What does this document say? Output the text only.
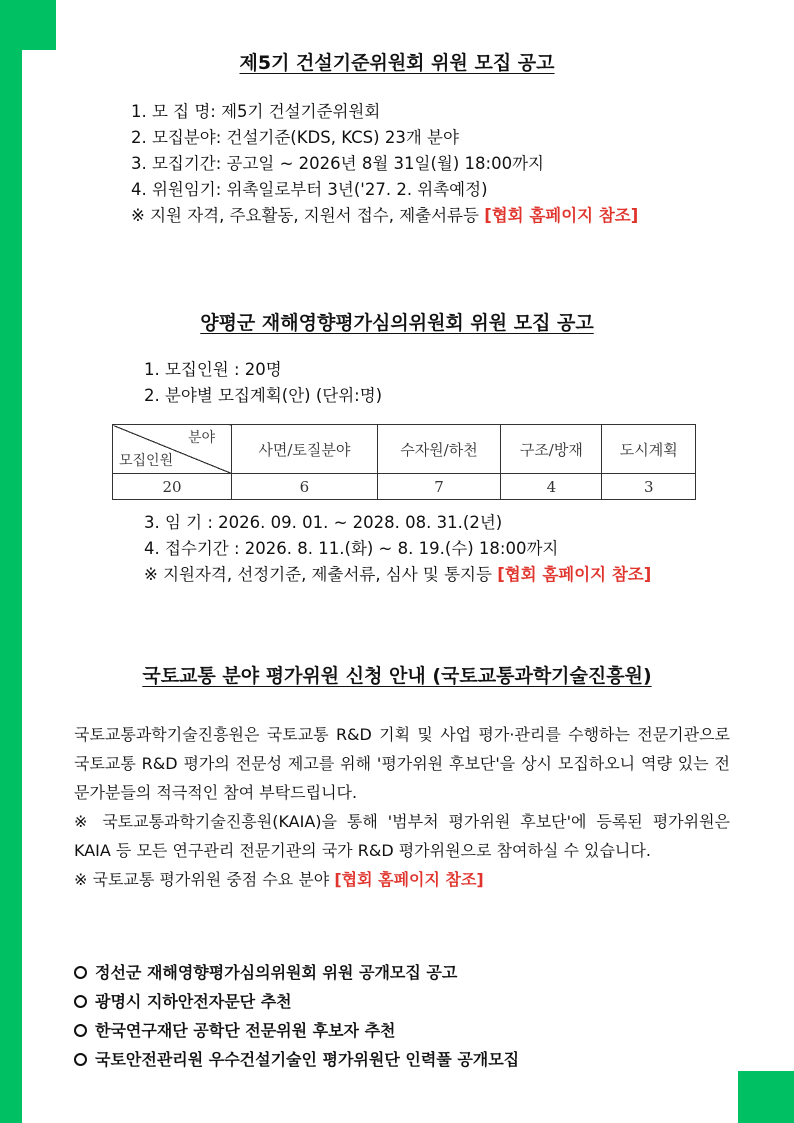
제5기 건설기준위원회 위원 모집 공고
1. 모 집 명: 제5기 건설기준위원회
2. 모집분야: 건설기준(KDS, KCS) 23개 분야
3. 모집기간: 공고일 ~ 2026년 8월 31일(월) 18:00까지
4. 위원임기: 위촉일로부터 3년('27. 2. 위촉예정)
※ 지원 자격, 주요활동, 지원서 접수, 제출서류등 [협회 홈페이지 참조]
양평군 재해영향평가심의위원회 위원 모집 공고
1. 모집인원 : 20명
2. 분야별 모집계획(안) (단위:명)
분야
모집인원	사면/토질분야	수자원/하천	구조/방재	도시계획
20	6	7	4	3
3. 임 기 : 2026. 09. 01. ~ 2028. 08. 31.(2년)
4. 접수기간 : 2026. 8. 11.(화) ~ 8. 19.(수) 18:00까지
※ 지원자격, 선정기준, 제출서류, 심사 및 통지등 [협회 홈페이지 참조]
국토교통 분야 평가위원 신청 안내 (국토교통과학기술진흥원)

국토교통과학기술진흥원은 국토교통 R&D 기획 및 사업 평가·관리를 수행하는 전문기관으로 국토교통 R&D 평가의 전문성 제고를 위해 '평가위원 후보단'을 상시 모집하오니 역량 있는 전문가분들의 적극적인 참여 부탁드립니다.

※ 국토교통과학기술진흥원(KAIA)을 통해 '범부처 평가위원 후보단'에 등록된 평가위원은 KAIA 등 모든 연구관리 전문기관의 국가 R&D 평가위원으로 참여하실 수 있습니다.

※ 국토교통 평가위원 중점 수요 분야 [협회 홈페이지 참조]

정선군 재해영향평가심의위원회 위원 공개모집 공고
광명시 지하안전자문단 추천
한국연구재단 공학단 전문위원 후보자 추천
국토안전관리원 우수건설기술인 평가위원단 인력풀 공개모집
